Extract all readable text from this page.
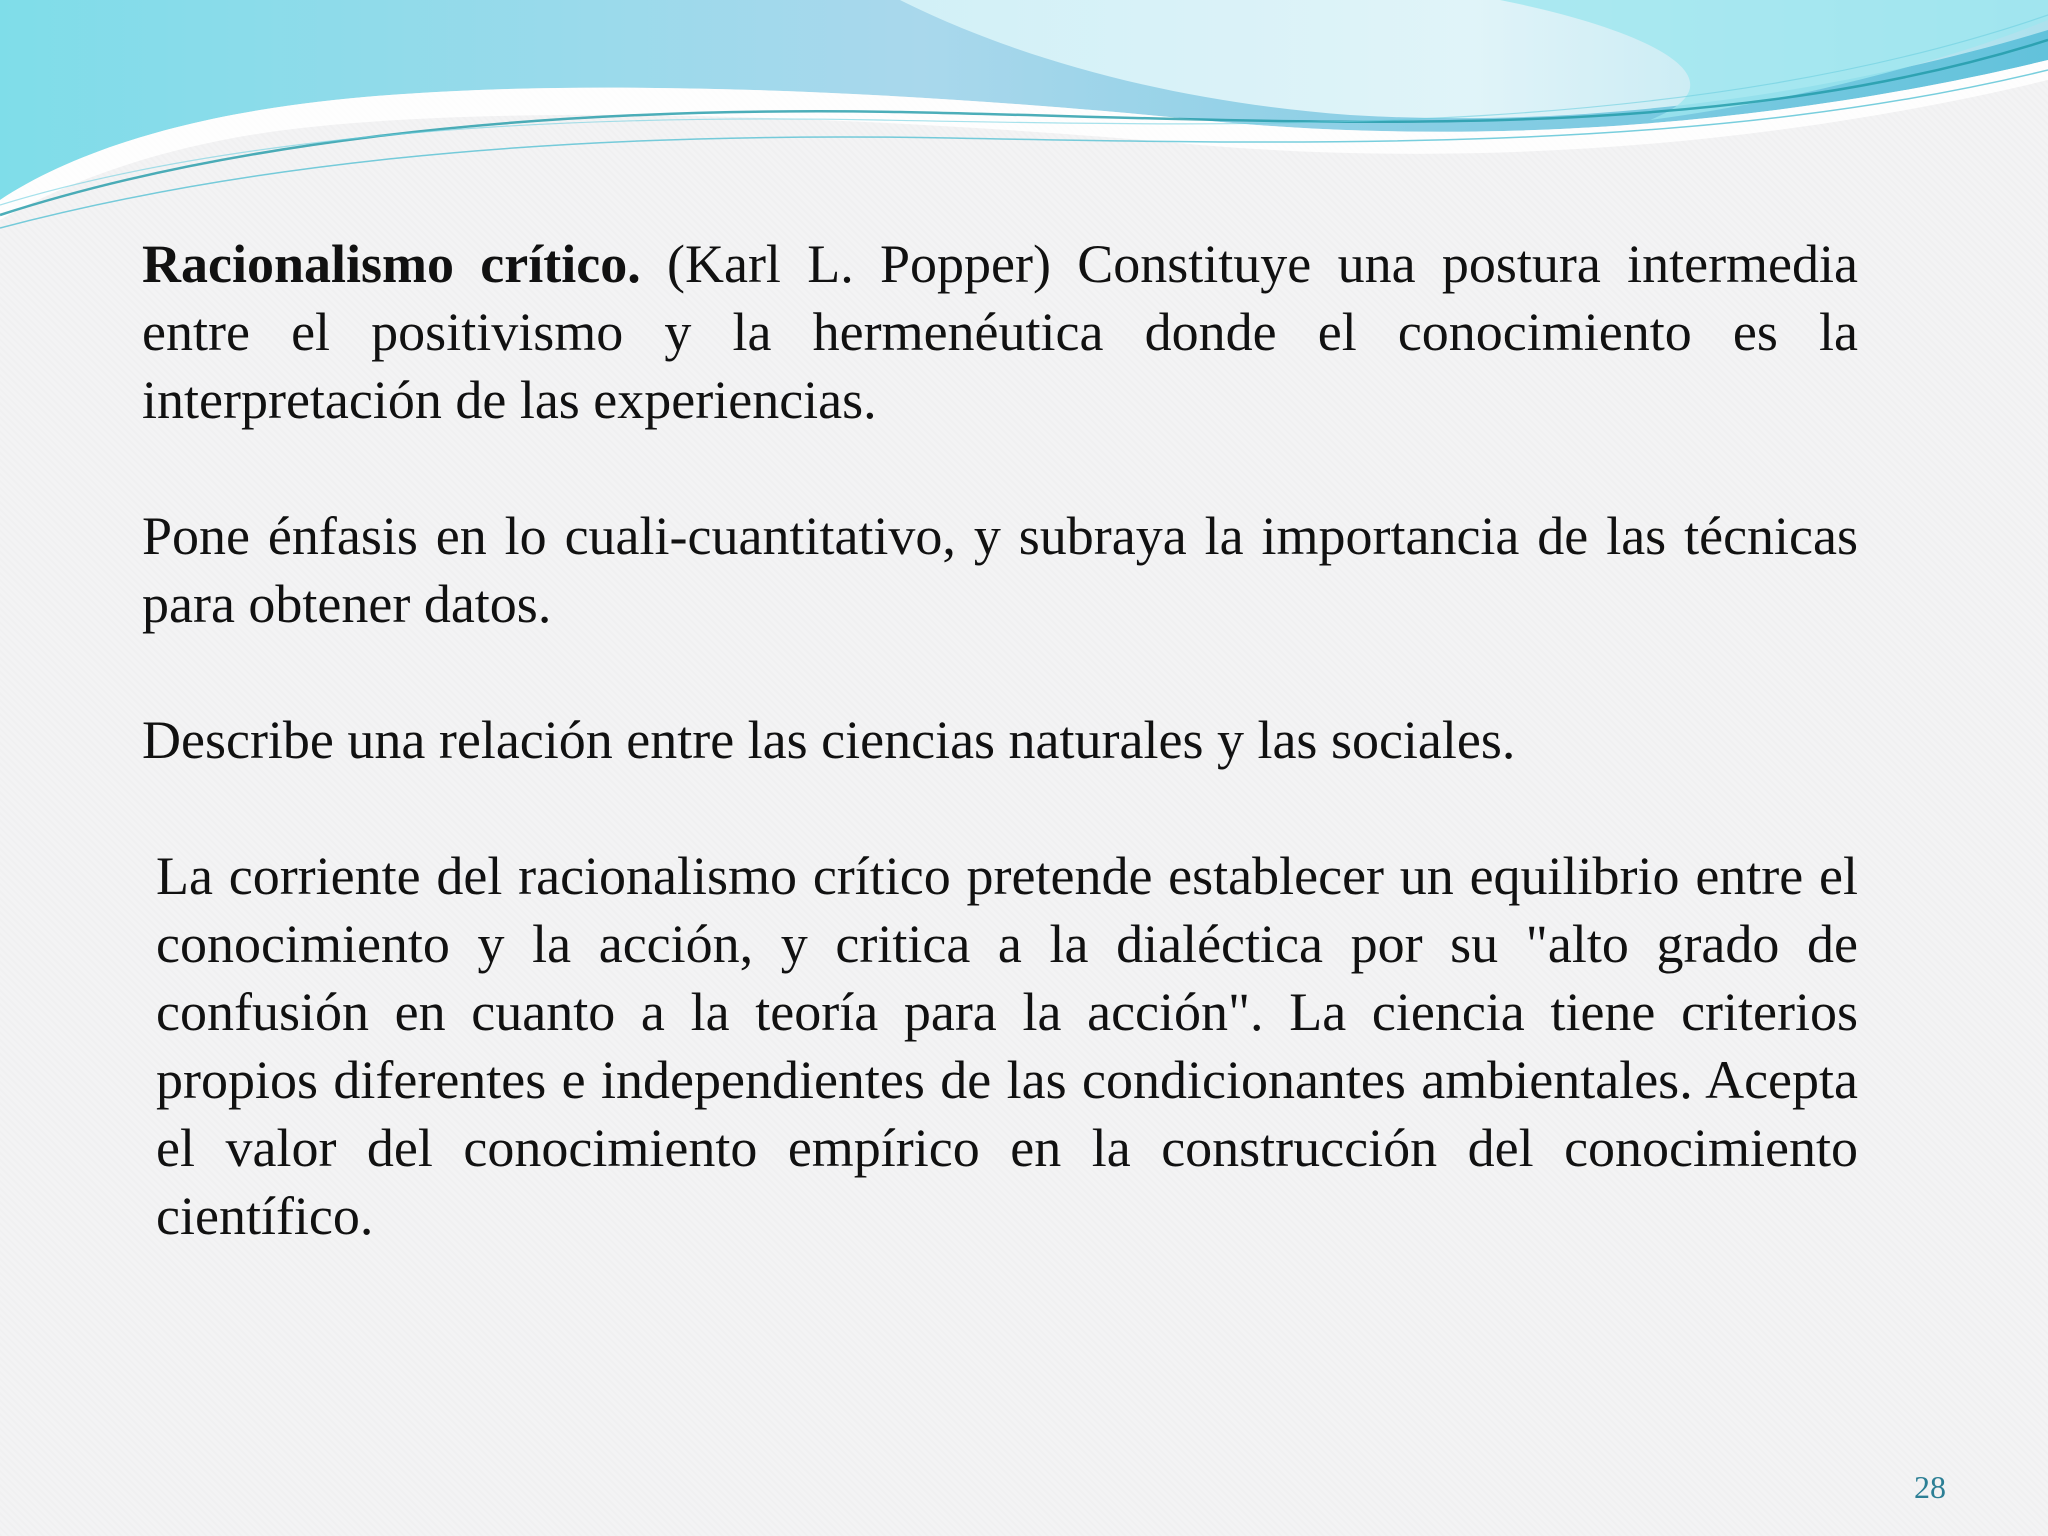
Racionalismo crítico. (Karl L. Popper) Constituye una postura intermedia entre el positivismo y la hermenéutica donde el conocimiento es la interpretación de las experiencias.

Pone énfasis en lo cuali-cuantitativo, y subraya la importancia de las técnicas para obtener datos.

Describe una relación entre las ciencias naturales y las sociales.

La corriente del racionalismo crítico pretende establecer un equilibrio entre el conocimiento y la acción, y critica a la dialéctica por su "alto grado de confusión en cuanto a la teoría para la acción". La ciencia tiene criterios propios diferentes e independientes de las condicionantes ambientales. Acepta el valor del conocimiento empírico en la construcción del conocimiento científico.

28
